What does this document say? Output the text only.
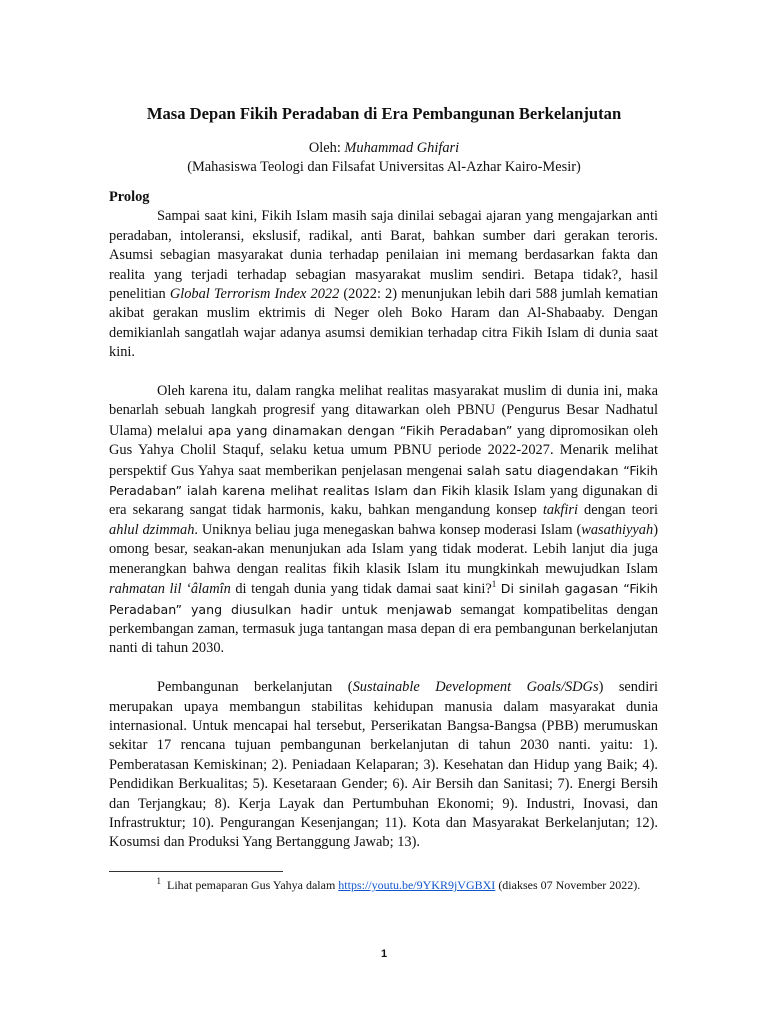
Masa Depan Fikih Peradaban di Era Pembangunan Berkelanjutan
Oleh: Muhammad Ghifari
(Mahasiswa Teologi dan Filsafat Universitas Al-Azhar Kairo-Mesir)
Prolog

Sampai saat kini, Fikih Islam masih saja dinilai sebagai ajaran yang mengajarkan anti peradaban, intoleransi, ekslusif, radikal, anti Barat, bahkan sumber dari gerakan teroris. Asumsi sebagian masyarakat dunia terhadap penilaian ini memang berdasarkan fakta dan realita yang terjadi terhadap sebagian masyarakat muslim sendiri. Betapa tidak?, hasil penelitian Global Terrorism Index 2022 (2022: 2) menunjukan lebih dari 588 jumlah kematian akibat gerakan muslim ektrimis di Neger oleh Boko Haram dan Al-Shabaaby. Dengan demikianlah sangatlah wajar adanya asumsi demikian terhadap citra Fikih Islam di dunia saat kini.

Oleh karena itu, dalam rangka melihat realitas masyarakat muslim di dunia ini, maka benarlah sebuah langkah progresif yang ditawarkan oleh PBNU (Pengurus Besar Nadhatul Ulama) melalui apa yang dinamakan dengan “Fikih Peradaban” yang dipromosikan oleh Gus Yahya Cholil Staquf, selaku ketua umum PBNU periode 2022-2027. Menarik melihat perspektif Gus Yahya saat memberikan penjelasan mengenai salah satu diagendakan “Fikih Peradaban” ialah karena melihat realitas Islam dan Fikih klasik Islam yang digunakan di era sekarang sangat tidak harmonis, kaku, bahkan mengandung konsep takfiri dengan teori ahlul dzimmah. Uniknya beliau juga menegaskan bahwa konsep moderasi Islam (wasathiyyah) omong besar, seakan-akan menunjukan ada Islam yang tidak moderat. Lebih lanjut dia juga menerangkan bahwa dengan realitas fikih klasik Islam itu mungkinkah mewujudkan Islam rahmatan lil ‘âlamîn di tengah dunia yang tidak damai saat kini?$^1$ Di sinilah gagasan “Fikih Peradaban” yang diusulkan hadir untuk menjawab semangat kompatibelitas dengan perkembangan zaman, termasuk juga tantangan masa depan di era pembangunan berkelanjutan nanti di tahun 2030.

Pembangunan berkelanjutan (Sustainable Development Goals/SDGs) sendiri merupakan upaya membangun stabilitas kehidupan manusia dalam masyarakat dunia internasional. Untuk mencapai hal tersebut, Perserikatan Bangsa-Bangsa (PBB) merumuskan sekitar 17 rencana tujuan pembangunan berkelanjutan di tahun 2030 nanti. yaitu: 1). Pemberatasan Kemiskinan; 2). Peniadaan Kelaparan; 3). Kesehatan dan Hidup yang Baik; 4). Pendidikan Berkualitas; 5). Kesetaraan Gender; 6). Air Bersih dan Sanitasi; 7). Energi Bersih dan Terjangkau; 8). Kerja Layak dan Pertumbuhan Ekonomi; 9). Industri, Inovasi, dan Infrastruktur; 10). Pengurangan Kesenjangan; 11). Kota dan Masyarakat Berkelanjutan; 12). Kosumsi dan Produksi Yang Bertanggung Jawab; 13).

$^1$ Lihat pemaparan Gus Yahya dalam https://youtu.be/9YKR9jVGBXI (diakses 07 November 2022).
1
